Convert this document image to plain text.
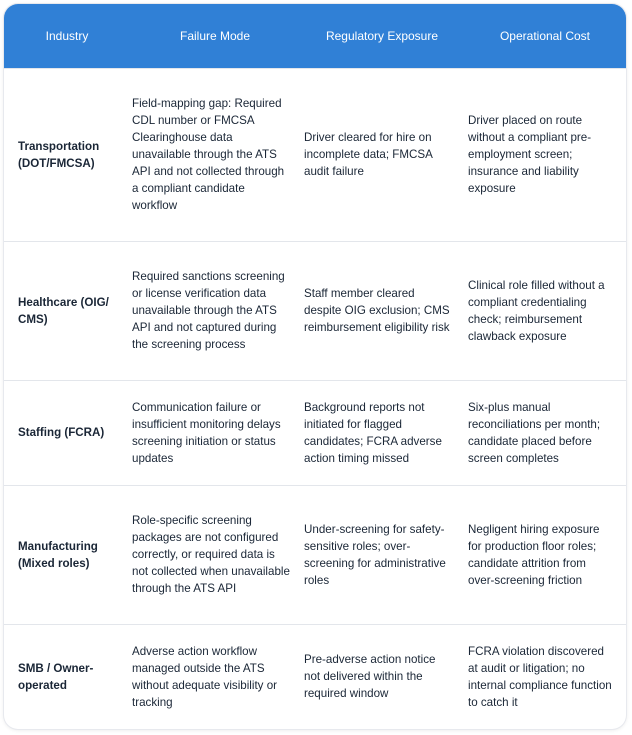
Industry	Failure Mode	Regulatory Exposure	Operational Cost
Transportation (DOT/FMCSA)	Field-mapping gap: Required CDL number or FMCSA Clearinghouse data unavailable through the ATS API and not collected through a compliant candidate workflow	Driver cleared for hire on incomplete data; FMCSA audit failure	Driver placed on route without a compliant pre-employment screen; insurance and liability exposure
Healthcare (OIG/ CMS)	Required sanctions screening or license verification data unavailable through the ATS API and not captured during the screening process	Staff member cleared despite OIG exclusion; CMS reimbursement eligibility risk	Clinical role filled without a compliant credentialing check; reimbursement clawback exposure
Staffing (FCRA)	Communication failure or insufficient monitoring delays screening initiation or status updates	Background reports not initiated for flagged candidates; FCRA adverse action timing missed	Six-plus manual reconciliations per month; candidate placed before screen completes
Manufacturing (Mixed roles)	Role-specific screening packages are not configured correctly, or required data is not collected when unavailable through the ATS API	Under-screening for safety-sensitive roles; over-screening for administrative roles	Negligent hiring exposure for production floor roles; candidate attrition from over-screening friction
SMB / Owner-operated	Adverse action workflow managed outside the ATS without adequate visibility or tracking	Pre-adverse action notice not delivered within the required window	FCRA violation discovered at audit or litigation; no internal compliance function to catch it
